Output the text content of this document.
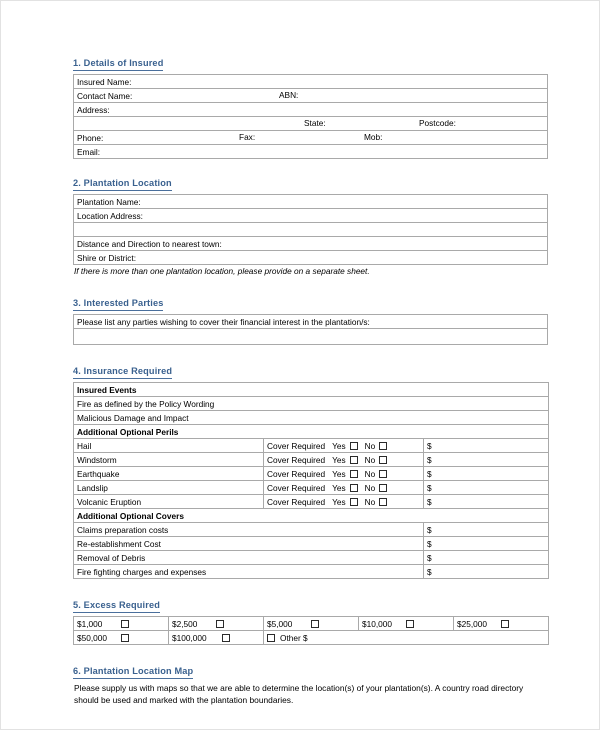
1. Details of Insured
Insured Name:
Contact Name:	ABN:

Address:

State:	Postcode:

Phone:	Fax:	Mob:

Email:
2. Plantation Location
Plantation Name:
Location Address:

Distance and Direction to nearest town:
Shire or District:
If there is more than one plantation location, please provide on a separate sheet.
3. Interested Parties
Please list any parties wishing to cover their financial interest in the plantation/s:

4. Insurance Required
Insured Events		
Fire as defined by the Policy Wording		
Malicious Damage and Impact		
Additional Optional Perils		
Hail	Cover Required Yes No	$
Windstorm	Cover Required Yes No	$
Earthquake	Cover Required Yes No	$
Landslip	Cover Required Yes No	$
Volcanic Eruption	Cover Required Yes No	$
Additional Optional Covers		
Claims preparation costs		$
Re-establishment Cost		$
Removal of Debris		$
Fire fighting charges and expenses		$
5. Excess Required
$1,000	$2,500	$5,000	$10,000	$25,000
$50,000	$100,000	Other $		
6. Plantation Location Map
Please supply us with maps so that we are able to determine the location(s) of your plantation(s). A country road directory should be used and marked with the plantation boundaries.
